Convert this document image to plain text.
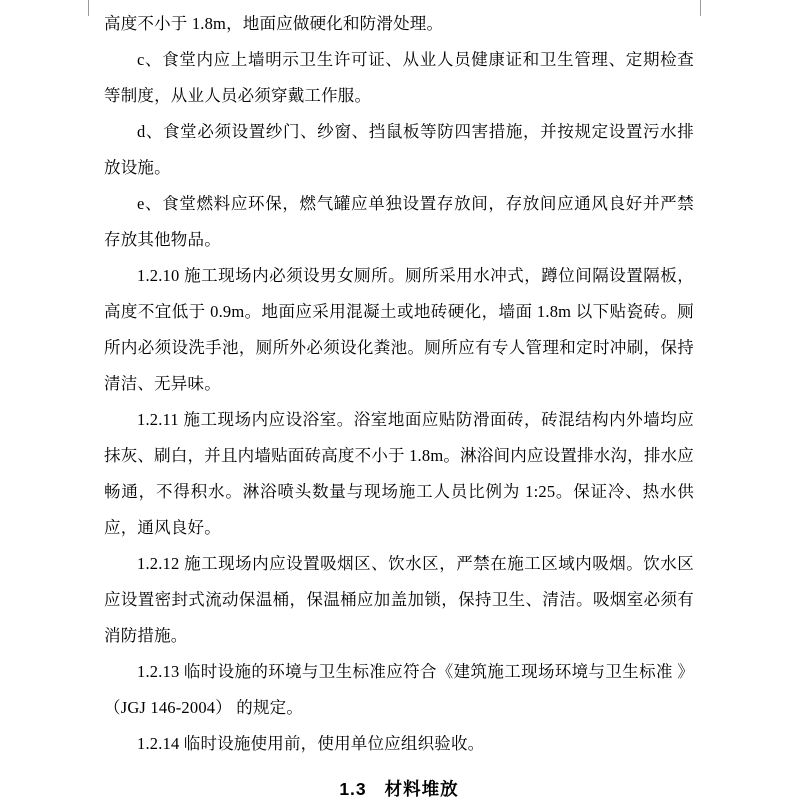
高度不小于 1.8m，地面应做硬化和防滑处理。

c、食堂内应上墙明示卫生许可证、从业人员健康证和卫生管理、定期检查等制度，从业人员必须穿戴工作服。

d、食堂必须设置纱门、纱窗、挡鼠板等防四害措施，并按规定设置污水排放设施。

e、食堂燃料应环保，燃气罐应单独设置存放间，存放间应通风良好并严禁存放其他物品。

1.2.10 施工现场内必须设男女厕所。厕所采用水冲式，蹲位间隔设置隔板，高度不宜低于 0.9m。地面应采用混凝土或地砖硬化，墙面 1.8m 以下贴瓷砖。厕所内必须设洗手池，厕所外必须设化粪池。厕所应有专人管理和定时冲刷，保持清洁、无异味。

1.2.11 施工现场内应设浴室。浴室地面应贴防滑面砖，砖混结构内外墙均应抹灰、刷白，并且内墙贴面砖高度不小于 1.8m。淋浴间内应设置排水沟，排水应畅通，不得积水。淋浴喷头数量与现场施工人员比例为 1:25。保证冷、热水供应，通风良好。

1.2.12 施工现场内应设置吸烟区、饮水区，严禁在施工区域内吸烟。饮水区应设置密封式流动保温桶，保温桶应加盖加锁，保持卫生、清洁。吸烟室必须有消防措施。

1.2.13 临时设施的环境与卫生标准应符合《建筑施工现场环境与卫生标准 》（JGJ 146-2004） 的规定。

1.2.14 临时设施使用前，使用单位应组织验收。

1.3 材料堆放
